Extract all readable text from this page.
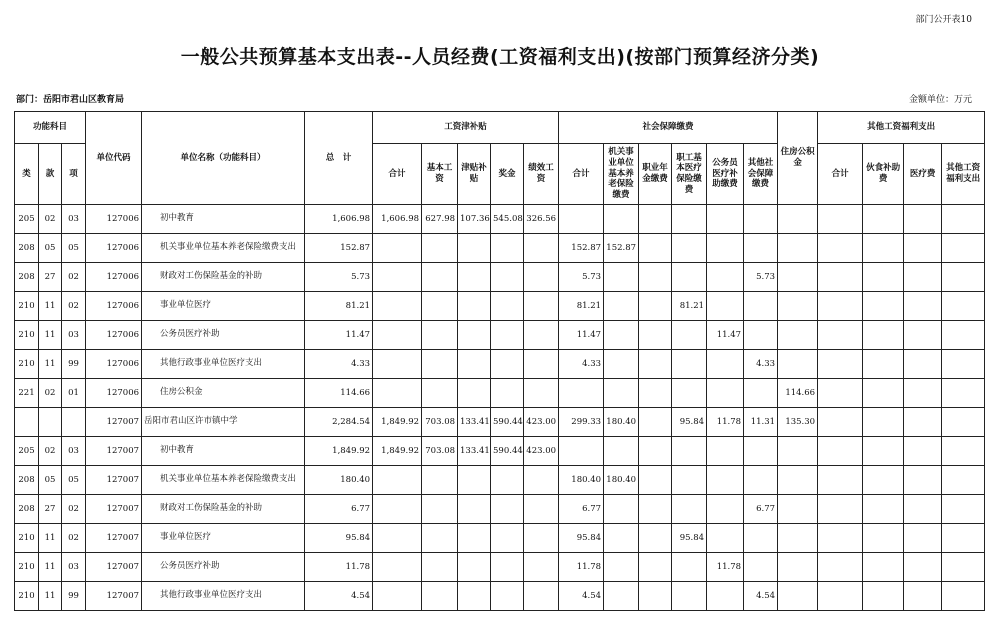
部门公开表10
一般公共预算基本支出表--人员经费(工资福利支出)(按部门预算经济分类)
部门：岳阳市君山区教育局	金额单位：万元
功能科目			单位代码	单位名称（功能科目）	总　计	工资津补贴					社会保障缴费						住房公积金	其他工资福利支出			
类	款	项				合计	基本工资	津贴补贴	奖金	绩效工资	合计	机关事业单位基本养老保险缴费	职业年金缴费	职工基本医疗保险缴费	公务员医疗补助缴费	其他社会保障缴费		合计	伙食补助费	医疗费	其他工资福利支出
205	02	03	127006	初中教育	1,606.98	1,606.98	627.98	107.36	545.08	326.56											
208	05	05	127006	机关事业单位基本养老保险缴费支出	152.87						152.87	152.87									
208	27	02	127006	财政对工伤保险基金的补助	5.73						5.73					5.73					
210	11	02	127006	事业单位医疗	81.21						81.21			81.21							
210	11	03	127006	公务员医疗补助	11.47						11.47				11.47						
210	11	99	127006	其他行政事业单位医疗支出	4.33						4.33					4.33					
221	02	01	127006	住房公积金	114.66												114.66				
			127007	岳阳市君山区许市镇中学	2,284.54	1,849.92	703.08	133.41	590.44	423.00	299.33	180.40		95.84	11.78	11.31	135.30				
205	02	03	127007	初中教育	1,849.92	1,849.92	703.08	133.41	590.44	423.00											
208	05	05	127007	机关事业单位基本养老保险缴费支出	180.40						180.40	180.40									
208	27	02	127007	财政对工伤保险基金的补助	6.77						6.77					6.77					
210	11	02	127007	事业单位医疗	95.84						95.84			95.84							
210	11	03	127007	公务员医疗补助	11.78						11.78				11.78						
210	11	99	127007	其他行政事业单位医疗支出	4.54						4.54					4.54					
